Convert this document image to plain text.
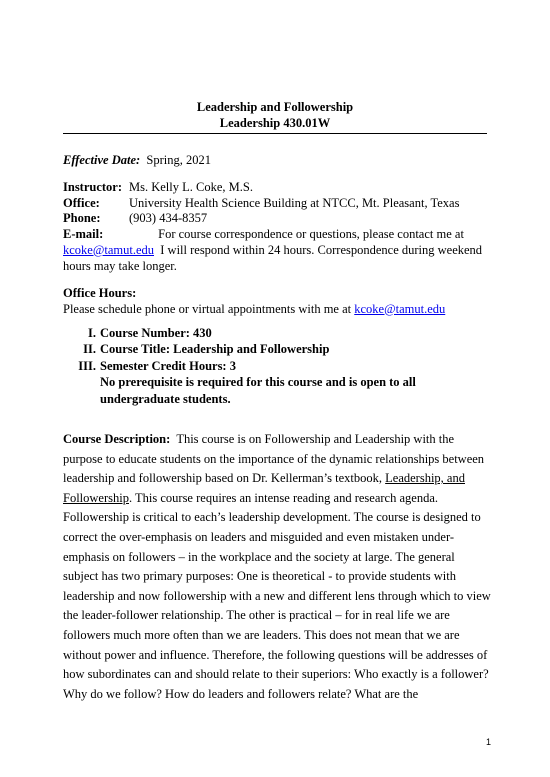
Leadership and Followership
Leadership 430.01W
Effective Date: Spring, 2021
Instructor: Ms. Kelly L. Coke, M.S.
Office:	University Health Science Building at NTCC, Mt. Pleasant, Texas
Phone:	(903) 434-8357
E-mail:	For course correspondence or questions, please contact me at kcoke@tamut.edu I will respond within 24 hours. Correspondence during weekend hours may take longer.
Office Hours:
Please schedule phone or virtual appointments with me at kcoke@tamut.edu
I. Course Number: 430
II. Course Title: Leadership and Followership
III. Semester Credit Hours: 3
No prerequisite is required for this course and is open to all undergraduate students.
Course Description: This course is on Followership and Leadership with the purpose to educate students on the importance of the dynamic relationships between leadership and followership based on Dr. Kellerman’s textbook, Leadership, and Followership. This course requires an intense reading and research agenda. Followership is critical to each’s leadership development. The course is designed to correct the over-emphasis on leaders and misguided and even mistaken under-emphasis on followers – in the workplace and the society at large. The general subject has two primary purposes: One is theoretical - to provide students with leadership and now followership with a new and different lens through which to view the leader-follower relationship. The other is practical – for in real life we are followers much more often than we are leaders. This does not mean that we are without power and influence. Therefore, the following questions will be addresses of how subordinates can and should relate to their superiors: Who exactly is a follower? Why do we follow? How do leaders and followers relate? What are the
1
